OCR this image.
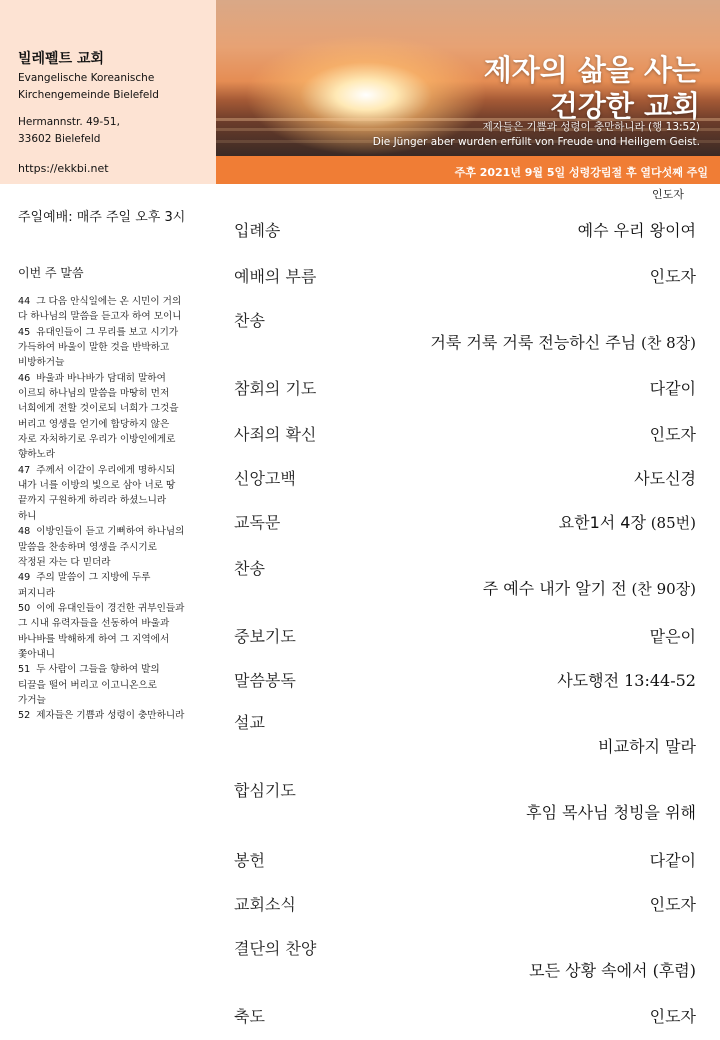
빌레펠트 교회
Evangelische Koreanische
Kirchengemeinde Bielefeld
Hermannstr. 49-51,
33602 Bielefeld
https://ekkbi.net
제자의 삶을 사는
건강한 교회
제자들은 기쁨과 성령이 충만하니라 (행 13:52)
Die Jünger aber wurden erfüllt von Freude und Heiligem Geist.
주후 2021년 9월 5일 성령강림절 후 열다섯째 주일
인도자
주일예배: 매주 주일 오후 3시
이번 주 말씀
44 그 다음 안식일에는 온 시민이 거의
다 하나님의 말씀을 듣고자 하여 모이니
45 유대인들이 그 무리를 보고 시기가
가득하여 바울이 말한 것을 반박하고
비방하거늘
46 바울과 바나바가 담대히 말하여
이르되 하나님의 말씀을 마땅히 먼저
너희에게 전할 것이로되 너희가 그것을
버리고 영생을 얻기에 합당하지 않은
자로 자처하기로 우리가 이방인에게로
향하노라
47 주께서 이같이 우리에게 명하시되
내가 너를 이방의 빛으로 삼아 너로 땅
끝까지 구원하게 하리라 하셨느니라
하니
48 이방인들이 듣고 기뻐하여 하나님의
말씀을 찬송하며 영생을 주시기로
작정된 자는 다 믿더라
49 주의 말씀이 그 지방에 두루
퍼지니라
50 이에 유대인들이 경건한 귀부인들과
그 시내 유력자들을 선동하여 바울과
바나바를 박해하게 하여 그 지역에서
쫓아내니
51 두 사람이 그들을 향하여 발의
티끌을 떨어 버리고 이고니온으로
가거늘
52 제자들은 기쁨과 성령이 충만하니라
입례송	예수 우리 왕이여
예배의 부름	인도자
찬송
거룩 거룩 거룩 전능하신 주님 (찬 8장)
참회의 기도	다같이
사죄의 확신	인도자
신앙고백	사도신경
교독문	요한1서 4장 (85번)
찬송
주 예수 내가 알기 전 (찬 90장)
중보기도	맡은이
말씀봉독	사도행전 13:44-52
설교
비교하지 말라
합심기도
후임 목사님 청빙을 위해
봉헌	다같이
교회소식	인도자
결단의 찬양
모든 상황 속에서 (후렴)
축도	인도자
